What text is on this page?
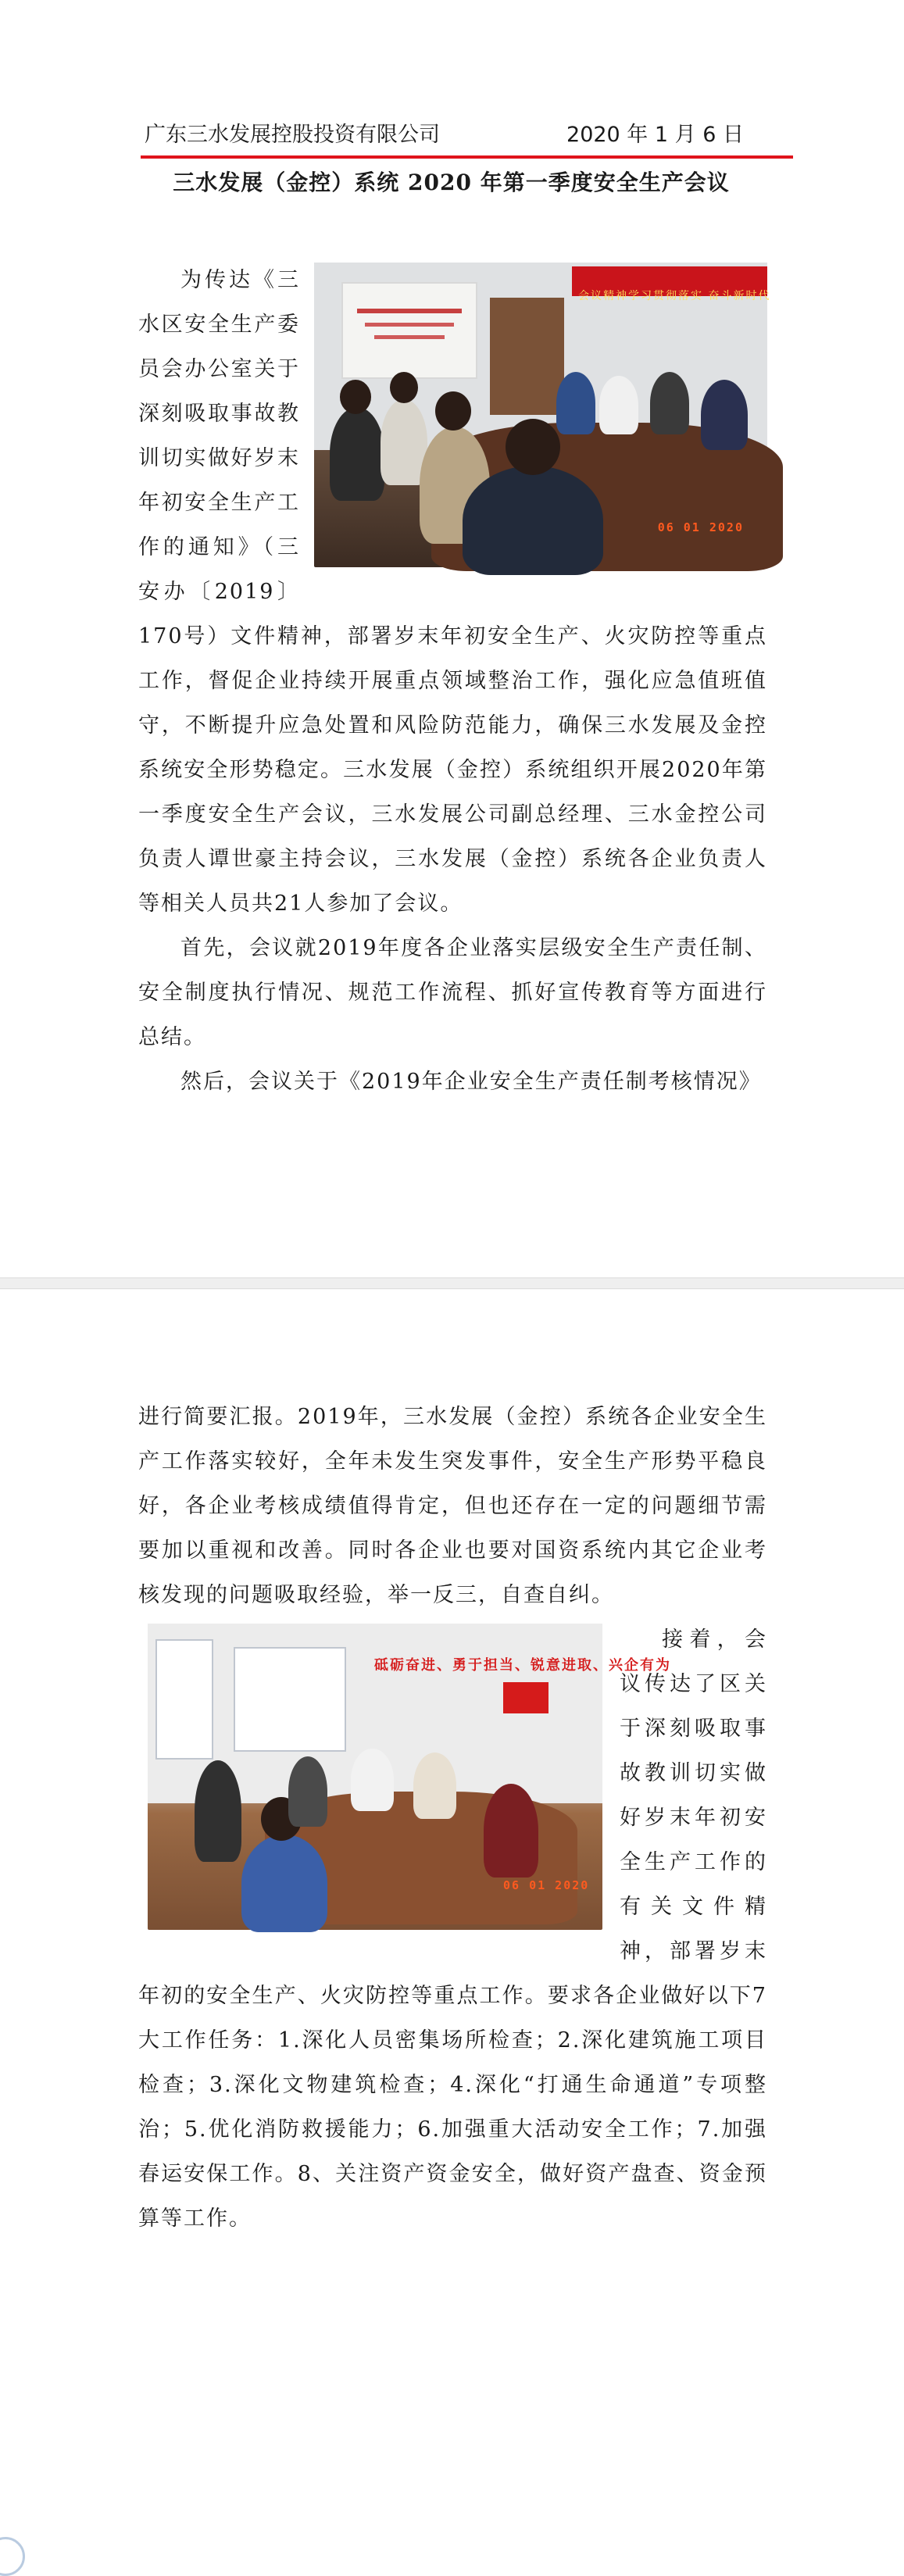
广东三水发展控股投资有限公司	2020 年 1 月 6 日
三水发展（金控）系统 2020 年第一季度安全生产会议
会议精神学习贯彻落实 奋斗新时代
06 01 2020

为传达《三水区安全生产委员会办公室关于深刻吸取事故教训切实做好岁末年初安全生产工作的通知》（三安办〔2019〕170号）文件精神，部署岁末年初安全生产、火灾防控等重点工作，督促企业持续开展重点领域整治工作，强化应急值班值守，不断提升应急处置和风险防范能力，确保三水发展及金控系统安全形势稳定。三水发展（金控）系统组织开展2020年第一季度安全生产会议，三水发展公司副总经理、三水金控公司负责人谭世豪主持会议，三水发展（金控）系统各企业负责人等相关人员共21人参加了会议。

首先，会议就2019年度各企业落实层级安全生产责任制、安全制度执行情况、规范工作流程、抓好宣传教育等方面进行总结。

然后，会议关于《2019年企业安全生产责任制考核情况》

进行简要汇报。2019年，三水发展（金控）系统各企业安全生产工作落实较好，全年未发生突发事件，安全生产形势平稳良好，各企业考核成绩值得肯定，但也还存在一定的问题细节需要加以重视和改善。同时各企业也要对国资系统内其它企业考核发现的问题吸取经验，举一反三，自查自纠。

砥砺奋进、勇于担当、锐意进取、兴企有为
06 01 2020
接着，会议传达了区关于深刻吸取事故教训切实做好岁末年初安全生产工作的有关文件精神，部署岁末年初的安全生产、火灾防控等重点工作。要求各企业做好以下7大工作任务：1.深化人员密集场所检查；2.深化建筑施工项目检查；3.深化文物建筑检查；4.深化“打通生命通道”专项整治；5.优化消防救援能力；6.加强重大活动安全工作；7.加强春运安保工作。8、关注资产资金安全，做好资产盘查、资金预算等工作。
